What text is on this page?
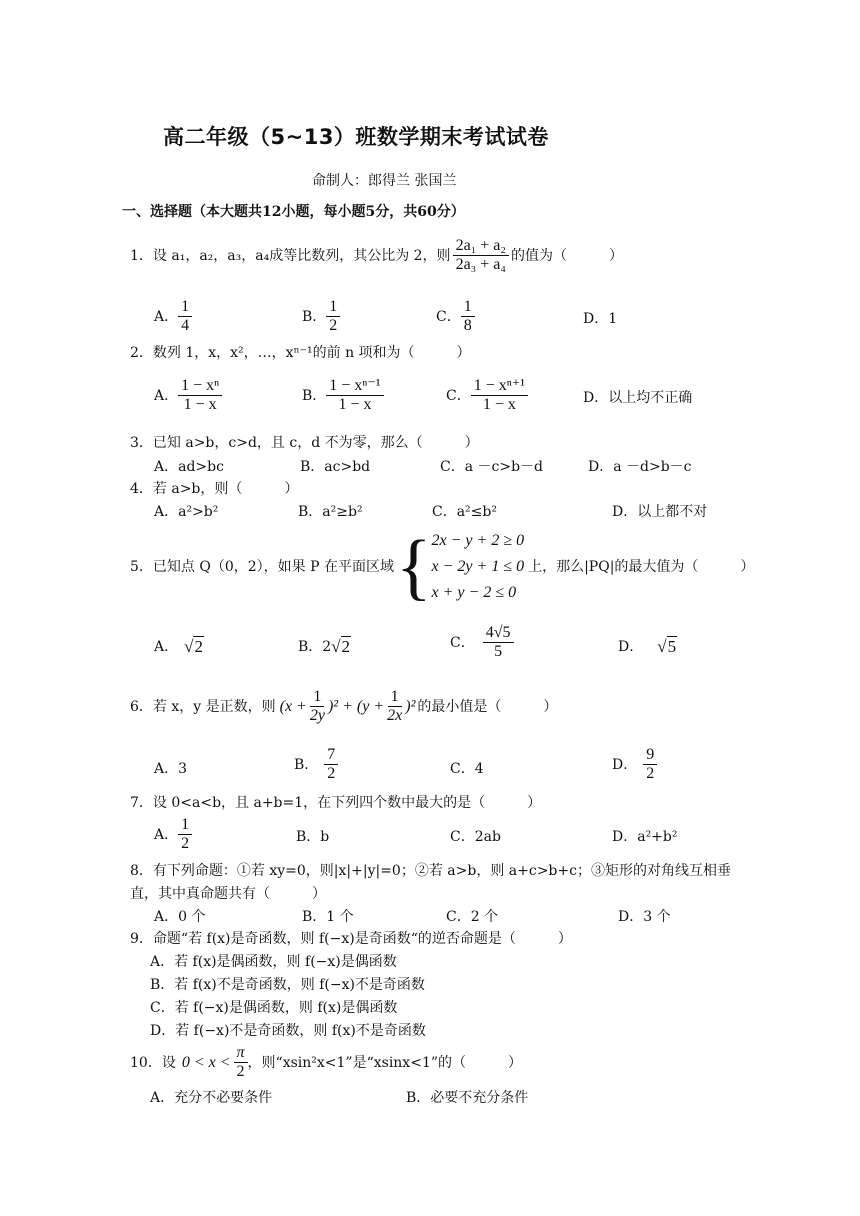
高二年级（5~13）班数学期末考试试卷
命制人：郎得兰 张国兰
一、选择题（本大题共12小题，每小题5分，共60分）
1．设 a₁，a₂，a₃，a₄成等比数列，其公比为 2，则 $\frac{\text{2a₁ + a₂}}{\text{2a₃ + a₄}}$ 的值为（　　　）
A． $\frac{1}{4}$	B． $\frac{1}{2}$	C． $\frac{1}{8}$	D．1
2．数列 1，x，x²，…，xⁿ⁻¹的前 n 项和为（　　　）
A． $\frac{\text{1 − xⁿ}}{1 - x}$	B． $\frac{\text{1 − xⁿ⁻¹}}{1 - x}$	C． $\frac{\text{1 − xⁿ⁺¹}}{1 - x}$	D．以上均不正确
3．已知 a>b，c>d，且 c，d 不为零，那么（　　　）
A．ad>bc	B．ac>bd	C．a －c>b－d	D．a －d>b－c
4．若 a>b，则（　　　）
A．a²>b²	B．a²≥b²	C．a²≤b²	D．以上都不对
5．已知点 Q（0，2），如果 P 在平面区域 { 2x − y + 2 ≥ 0
x − 2y + 1 ≤ 0
x + y − 2 ≤ 0
上，那么|PQ|的最大值为（　　　）
A． √2	B．2 √2	C． $\frac{4√5}{5}$	D． √5
6．若 x，y 是正数，则 $(x + \frac{1}{2y} )^2 + (y + \frac{1}{2x} )^2$ 的最小值是（　　　）
A．3	B． $\frac{7}{2}$	C．4	D． $\frac{9}{2}$
7．设 0<a<b，且 a+b=1，在下列四个数中最大的是（　　　）
A． $\frac{1}{2}$	B．b	C．2ab	D．a²+b²
8．有下列命题：①若 xy=0，则|x|+|y|=0；②若 a>b，则 a+c>b+c；③矩形的对角线互相垂
直，其中真命题共有（　　　）
A．0 个	B．1 个	C．2 个	D．3 个
9．命题“若 f(x)是奇函数，则 f(−x)是奇函数“的逆否命题是（　　　）
A．若 f(x)是偶函数，则 f(−x)是偶函数
B．若 f(x)不是奇函数，则 f(−x)不是奇函数
C．若 f(−x)是偶函数，则 f(x)是偶函数
D．若 f(−x)不是奇函数，则 f(x)不是奇函数
10．设 $0 < x < \frac{\pi}{2}$ ，则“xsin²x<1”是“xsinx<1”的（　　　）
A．充分不必要条件	B．必要不充分条件
